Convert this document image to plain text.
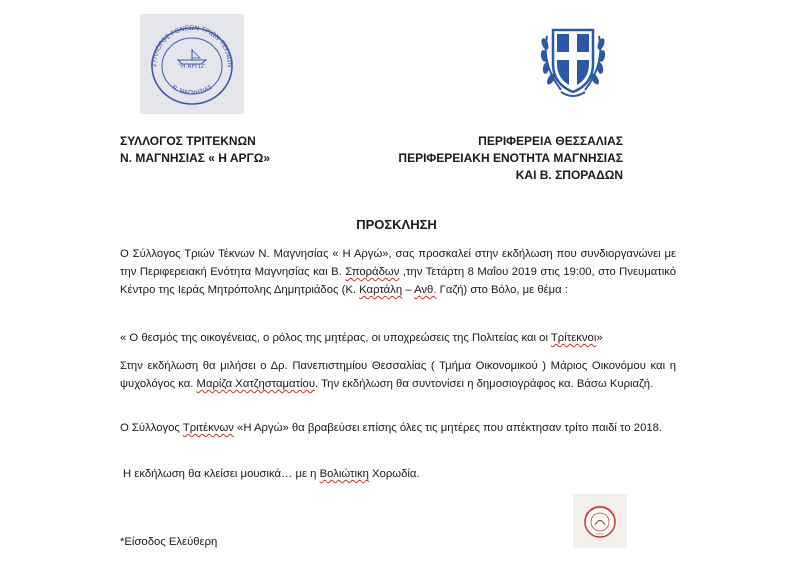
ΣΥΛΛΟΓΟΣ ΓΟΝΕΩΝ ΤΡΙΩΝ ΤΕΚΝΩΝ
"Η ΑΡΓΩ"
Ν. ΜΑΓΝΗΣΙΑΣ
ΣΥΛΛΟΓΟΣ ΤΡΙΤΕΚΝΩΝ
Ν. ΜΑΓΝΗΣΙΑΣ « Η ΑΡΓΩ»
ΠΕΡΙΦΕΡΕΙΑ ΘΕΣΣΑΛΙΑΣ
ΠΕΡΙΦΕΡΕΙΑΚΗ ΕΝΟΤΗΤΑ ΜΑΓΝΗΣΙΑΣ
ΚΑΙ Β. ΣΠΟΡΑΔΩΝ
ΠΡΟΣΚΛΗΣΗ
Ο Σύλλογος Τριών Τέκνων Ν. Μαγνησίας « Η Αργώ», σας προσκαλεί στην εκδήλωση που συνδιοργανώνει με την Περιφερειακή Ενότητα Μαγνησίας και Β. Σποράδων ,την Τετάρτη 8 Μαΐου 2019 στις 19:00, στο Πνευματικό Κέντρο της Ιεράς Μητρόπολης Δημητριάδος (Κ. Καρτάλη – Ανθ. Γαζή) στο Βόλο, με θέμα :
« Ο θεσμός της οικογένειας, ο ρόλος της μητέρας, οι υποχρεώσεις της Πολιτείας και οι Τρίτεκνοι»
Στην εκδήλωση θα μιλήσει ο Δρ. Πανεπιστημίου Θεσσαλίας ( Τμήμα Οικονομικού ) Μάριος Οικονόμου και η ψυχολόγος κα. Μαρίζα Χατζησταματίου. Την εκδήλωση θα συντονίσει η δημοσιογράφος κα. Βάσω Κυριαζή.
Ο Σύλλογος Τριτέκνων «Η Αργώ» θα βραβεύσει επίσης όλες τις μητέρες που απέκτησαν τρίτο παιδί το 2018.
Η εκδήλωση θα κλείσει μουσικά… με η Βολιώτικη Χορωδία.
ΒΟΛΙΩΤΙΚΗ ΧΟΡΩΔΙΑ
1997
*Είσοδος Ελεύθερη
